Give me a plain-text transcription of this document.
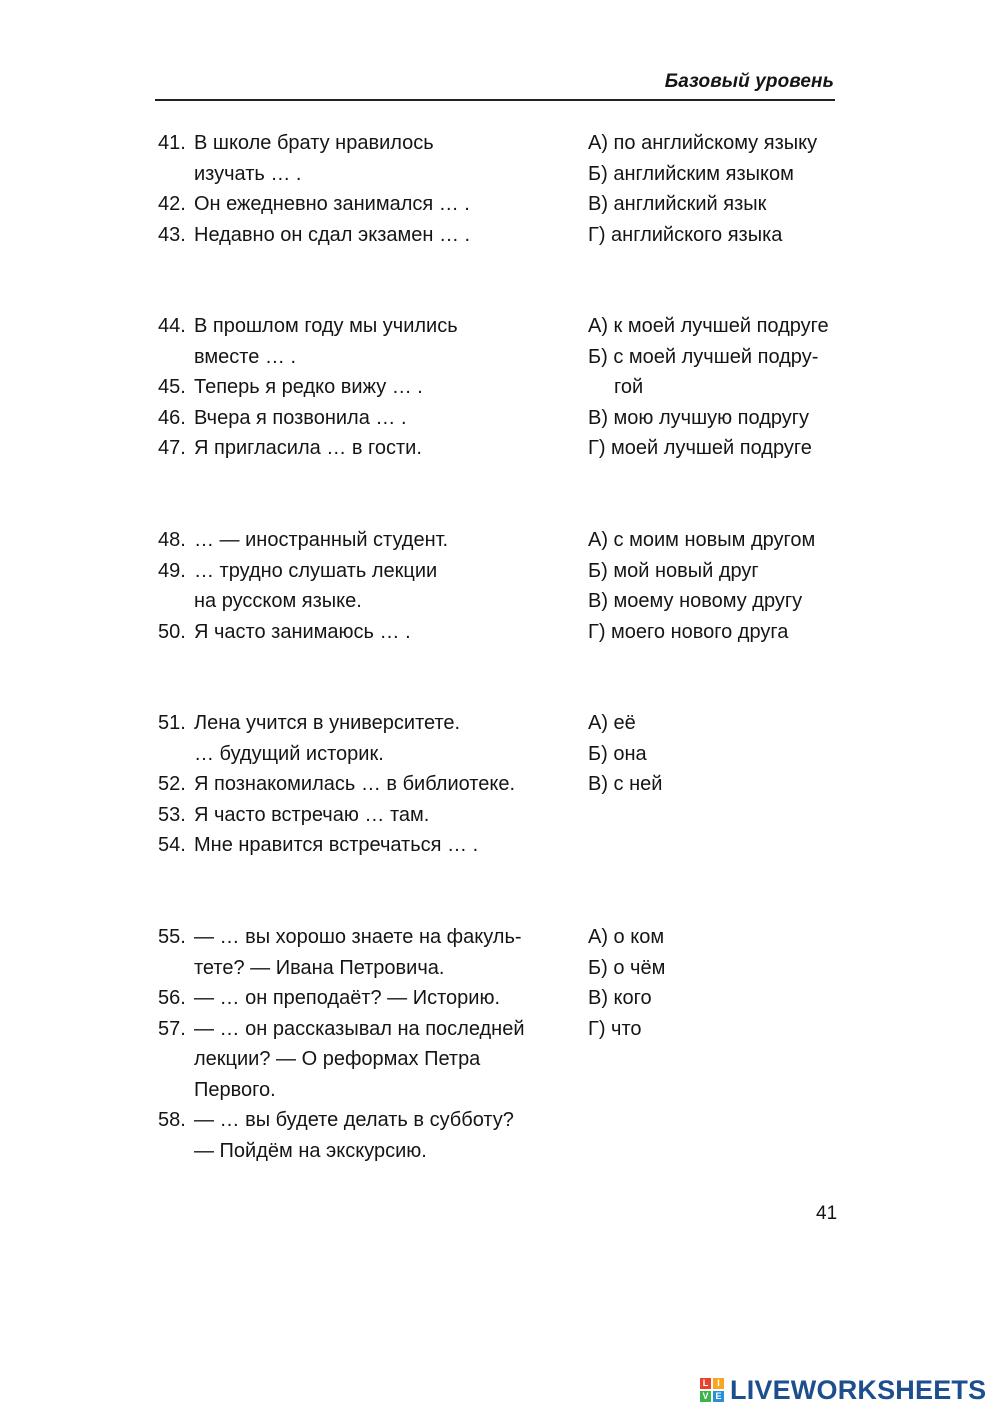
Базовый уровень
41. В школе брату нравилось
изучать … .
42. Он ежедневно занимался … .
43. Недавно он сдал экзамен … .
А) по английскому языку
Б) английским языком
В) английский язык
Г) английского языка
44. В прошлом году мы учились
вместе … .
45. Теперь я редко вижу … .
46. Вчера я позвонила … .
47. Я пригласила … в гости.
А) к моей лучшей подруге
Б) с моей лучшей подру-
гой
В) мою лучшую подругу
Г) моей лучшей подруге
48. … — иностранный студент.
49. … трудно слушать лекции
на русском языке.
50. Я часто занимаюсь … .
А) с моим новым другом
Б) мой новый друг
В) моему новому другу
Г) моего нового друга
51. Лена учится в университете.
… будущий историк.
52. Я познакомилась … в библиотеке.
53. Я часто встречаю … там.
54. Мне нравится встречаться … .
А) её
Б) она
В) с ней
55. — … вы хорошо знаете на факуль-
тете? — Ивана Петровича.
56. — … он преподаёт? — Историю.
57. — … он рассказывал на последней
лекции? — О реформах Петра
Первого.
58. — … вы будете делать в субботу?
— Пойдём на экскурсию.
А) о ком
Б) о чём
В) кого
Г) что
41
L I
V E LIVEWORKSHEETS
